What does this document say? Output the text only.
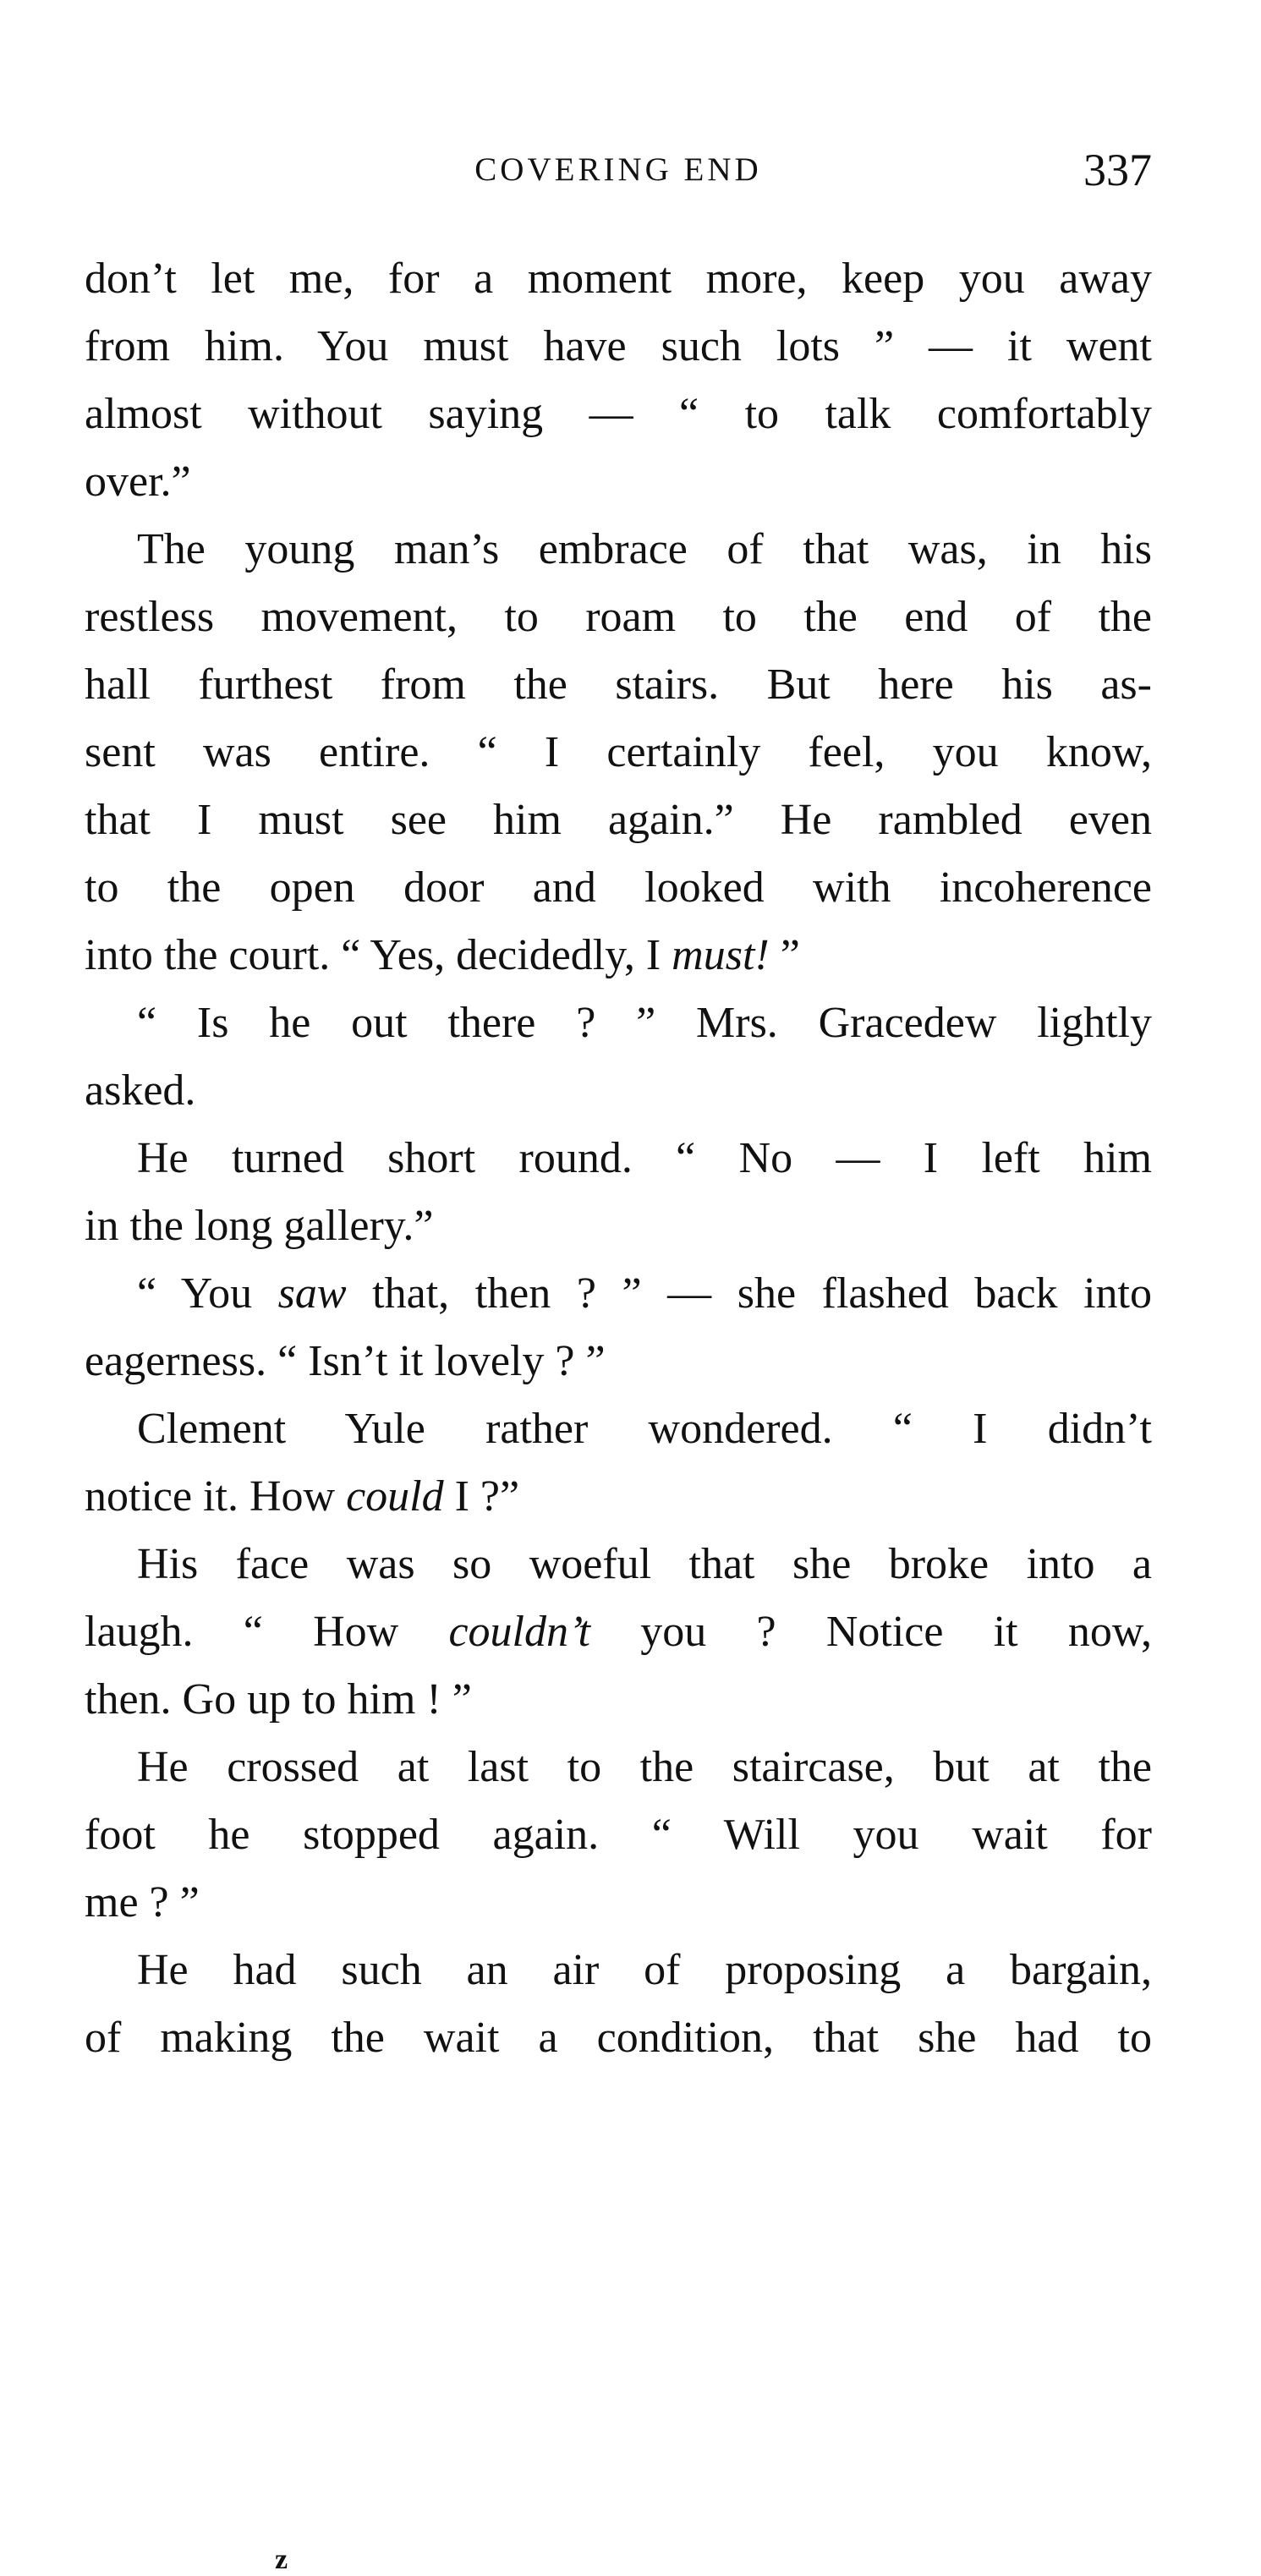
COVERING END	337
don’t let me, for a moment more, keep you away
from him. You must have such lots ” — it went
almost without saying — “ to talk comfortably
over.”
The young man’s embrace of that was, in his
restless movement, to roam to the end of the
hall furthest from the stairs. But here his as-
sent was entire. “ I certainly feel, you know,
that I must see him again.” He rambled even
to the open door and looked with incoherence
into the court. “ Yes, decidedly, I must! ”
“ Is he out there ? ” Mrs. Gracedew lightly
asked.
He turned short round. “ No — I left him
in the long gallery.”
“ You saw that, then ? ” — she flashed back into
eagerness. “ Isn’t it lovely ? ”
Clement Yule rather wondered. “ I didn’t
notice it. How could I ?”
His face was so woeful that she broke into a
laugh. “ How couldn’t you ? Notice it now,
then. Go up to him ! ”
He crossed at last to the staircase, but at the
foot he stopped again. “ Will you wait for
me ? ”
He had such an air of proposing a bargain,
of making the wait a condition, that she had to
z
